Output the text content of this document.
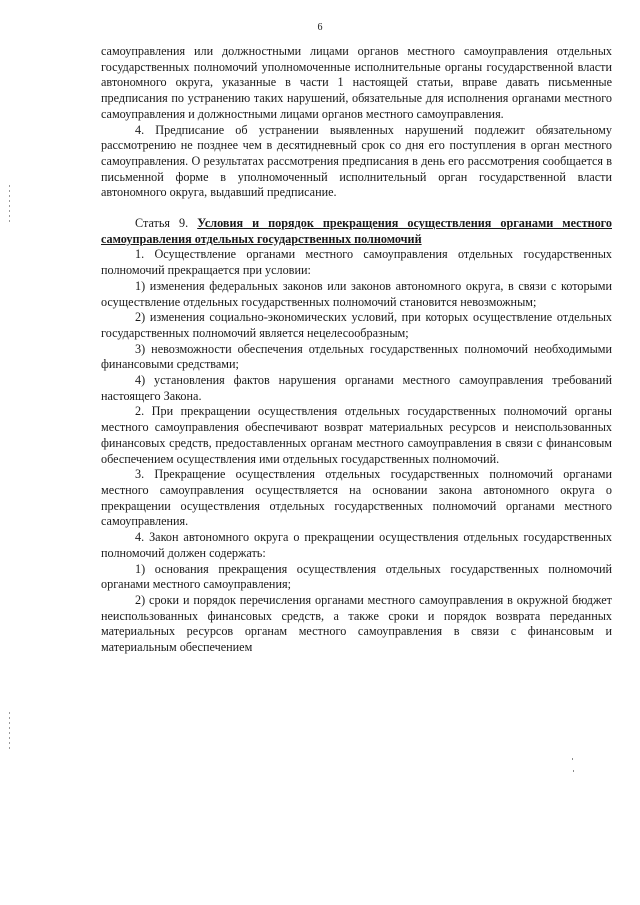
6

самоуправления или должностными лицами органов местного самоуправления отдельных государственных полномочий уполномоченные исполнительные органы государственной власти автономного округа, указанные в части 1 настоящей статьи, вправе давать письменные предписания по устранению таких нарушений, обязательные для исполнения органами местного самоуправления и должностными лицами органов местного самоуправления.

4. Предписание об устранении выявленных нарушений подлежит обязательному рассмотрению не позднее чем в десятидневный срок со дня его поступления в орган местного самоуправления. О результатах рассмотрения предписания в день его рассмотрения сообщается в письменной форме в уполномоченный исполнительный орган государственной власти автономного округа, выдавший предписание.

Статья 9. Условия и порядок прекращения осуществления органами местного самоуправления отдельных государственных полномочий

1. Осуществление органами местного самоуправления отдельных государственных полномочий прекращается при условии:

1) изменения федеральных законов или законов автономного округа, в связи с которыми осуществление отдельных государственных полномочий становится невозможным;

2) изменения социально-экономических условий, при которых осуществление отдельных государственных полномочий является нецелесообразным;

3) невозможности обеспечения отдельных государственных полномочий необходимыми финансовыми средствами;

4) установления фактов нарушения органами местного самоуправления требований настоящего Закона.

2. При прекращении осуществления отдельных государственных полномочий органы местного самоуправления обеспечивают возврат материальных ресурсов и неиспользованных финансовых средств, предоставленных органам местного самоуправления в связи с финансовым обеспечением осуществления ими отдельных государственных полномочий.

3. Прекращение осуществления отдельных государственных полномочий органами местного самоуправления осуществляется на основании закона автономного округа о прекращении осуществления отдельных государственных полномочий органами местного самоуправления.

4. Закон автономного округа о прекращении осуществления отдельных государственных полномочий должен содержать:

1) основания прекращения осуществления отдельных государственных полномочий органами местного самоуправления;

2) сроки и порядок перечисления органами местного самоуправления в окружной бюджет неиспользованных финансовых средств, а также сроки и порядок возврата переданных материальных ресурсов органам местного самоуправления в связи с финансовым и материальным обеспечением
